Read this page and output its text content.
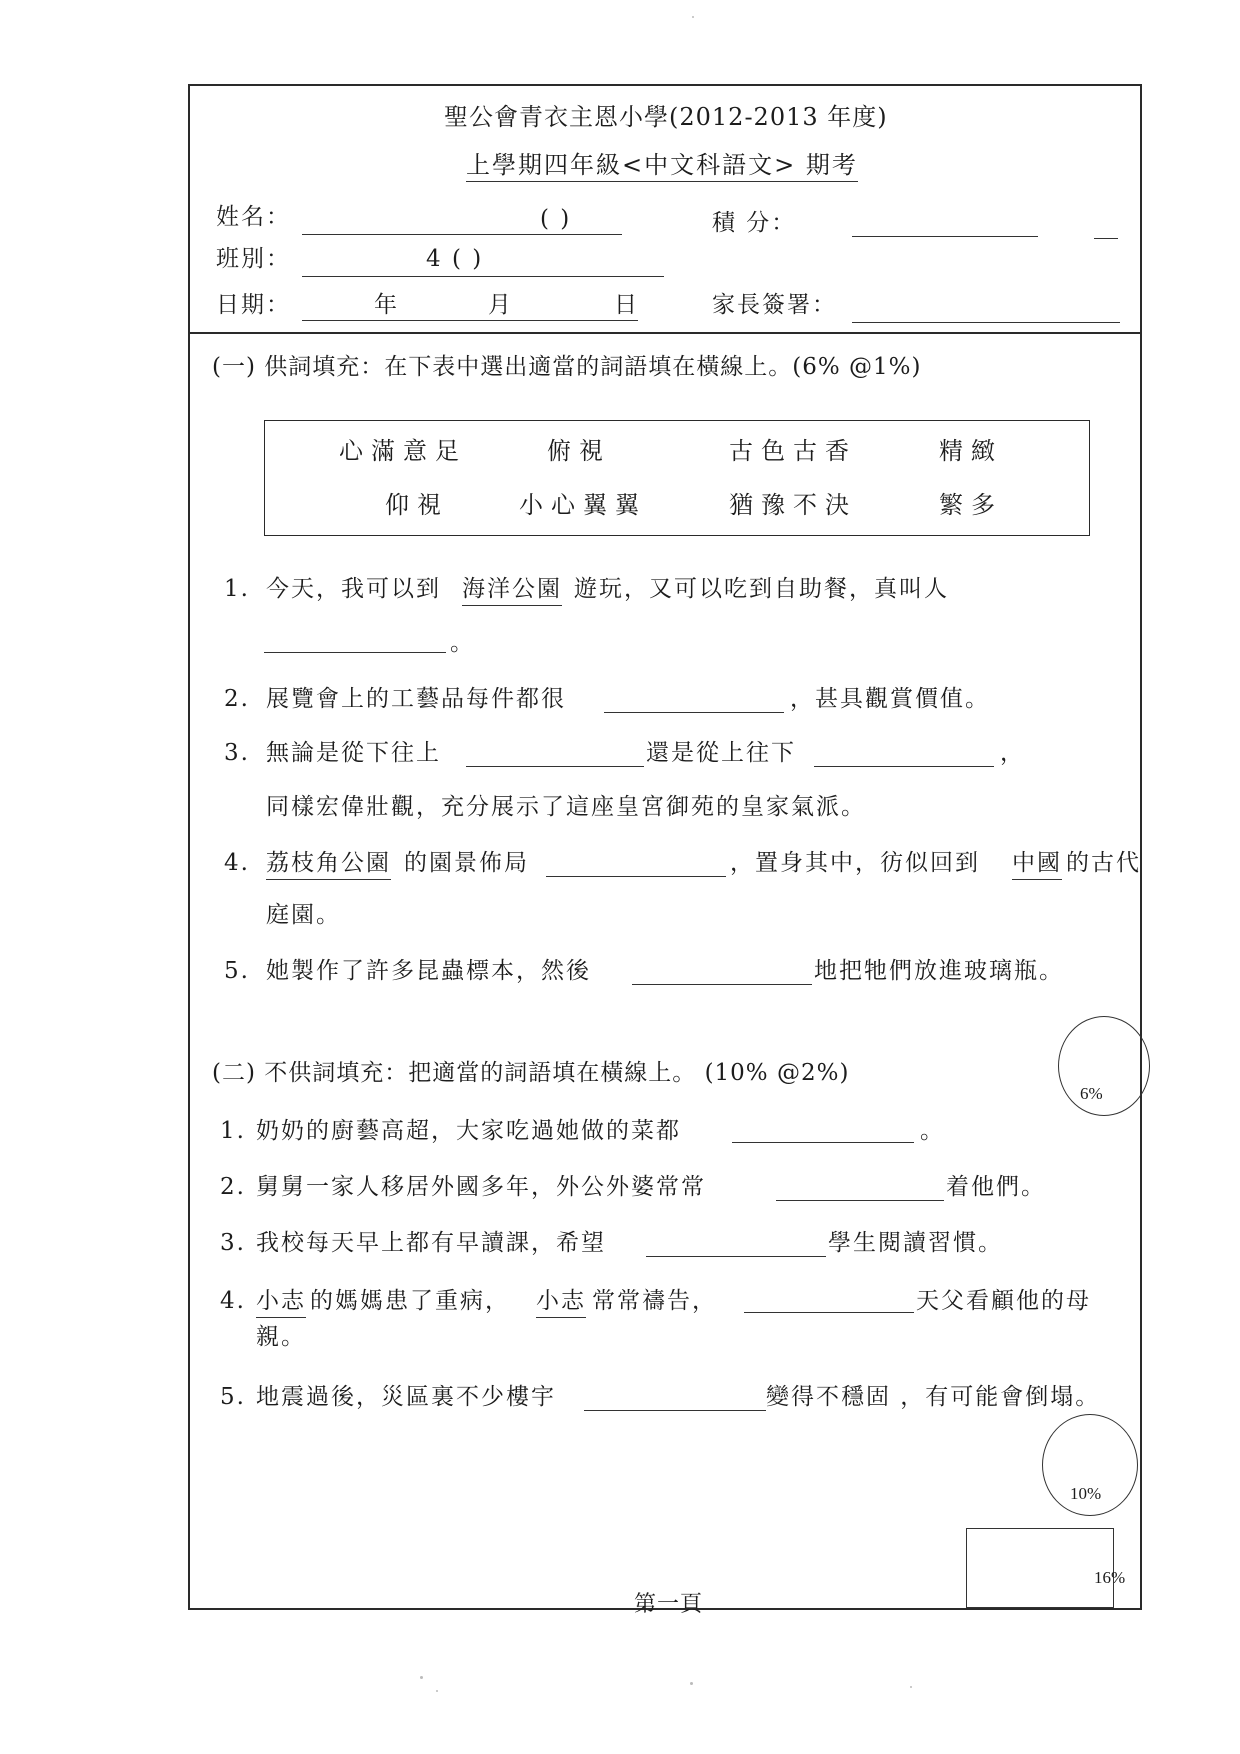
聖公會青衣主恩小學(2012-2013 年度)
上學期四年級<中文科語文> 期考
姓名：	( )	積 分：
班別：	4 ( )
日期：	年	月	日	家長簽署：
(一) 供詞填充：在下表中選出適當的詞語填在橫線上。(6% @1%)
心滿意足	俯視	古色古香	精緻
仰視	小心翼翼	猶豫不決	繁多
1. 今天，我可以到 海洋公園 遊玩，又可以吃到自助餐，真叫人
。
2. 展覽會上的工藝品每件都很	，甚具觀賞價值。
3. 無論是從下往上	還是從上往下	，
同樣宏偉壯觀，充分展示了這座皇宮御苑的皇家氣派。
4. 荔枝角公園 的園景佈局	，置身其中，彷似回到 中國 的古代
庭園。
5. 她製作了許多昆蟲標本，然後	地把牠們放進玻璃瓶。
6%
(二) 不供詞填充：把適當的詞語填在橫線上。 (10% @2%)
1. 奶奶的廚藝高超，大家吃過她做的菜都	。
2. 舅舅一家人移居外國多年，外公外婆常常	着他們。
3. 我校每天早上都有早讀課，希望	學生閱讀習慣。
4. 小志 的媽媽患了重病， 小志 常常禱告，	天父看顧他的母
親。
5. 地震過後，災區裏不少樓宇	變得不穩固 ，有可能會倒塌。
10%
16%
第一頁
